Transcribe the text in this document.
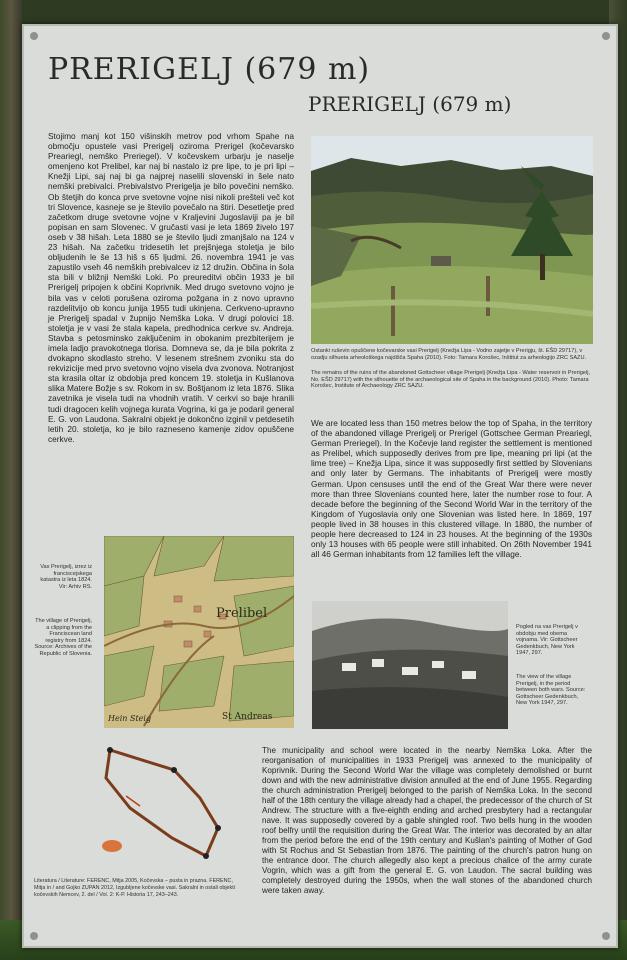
PRERIGELJ (679 m)
PRERIGELJ (679 m)

Stojimo manj kot 150 višinskih metrov pod vrhom Spahe na območju opustele vasi Prerigelj oziroma Prerigel (kočevarsko Preariegl, nemško Preriegel). V kočevskem urbarju je naselje omenjeno kot Prelibel, kar naj bi nastalo iz pre lipe, to je pri lipi – Knežji Lipi, saj naj bi ga najprej naselili slovenski in šele nato nemški prebivalci. Prebivalstvo Prerigelja je bilo povečini nemško. Ob štetjih do konca prve svetovne vojne nisi nikoli prešteli več kot tri Slovence, kasneje se je število povečalo na štiri. Desetletje pred začetkom druge svetovne vojne v Kraljevini Jugoslaviji pa je bil popisan en sam Slovenec. V gručasti vasi je leta 1869 živelo 197 oseb v 38 hišah. Leta 1880 se je število ljudi zmanjšalo na 124 v 23 hišah. Na začetku tridesetih let prejšnjega stoletja je bilo obljudenih le še 13 hiš s 65 ljudmi. 26. novembra 1941 je vas zapustilo vseh 46 nemških prebivalcev iz 12 družin. Občina in šola sta bili v bližnji Nemški Loki. Po preureditvi občin 1933 je bil Prerigelj pripojen k občini Koprivnik. Med drugo svetovno vojno je bila vas v celoti porušena oziroma požgana in z novo upravno razdelitvijo ob koncu junija 1955 tudi ukinjena. Cerkveno-upravno je Prerigelj spadal v župnijo Nemška Loka. V drugi polovici 18. stoletja je v vasi že stala kapela, predhodnica cerkve sv. Andreja. Stavba s petosminsko zaključenim in obokanim prezbiterijem je imela ladjo pravokotnega tlorisa. Domneva se, da je bila pokrita z dvokapno skodlasto streho. V lesenem strešnem zvoniku sta do rekvizicije med prvo svetovno vojno visela dva zvonova. Notranjost sta krasila oltar iz obdobja pred koncem 19. stoletja in Kušlanova slika Matere Božje s sv. Rokom in sv. Boštjanom iz leta 1876. Slika zavetnika je visela tudi na vhodnih vratih. V cerkvi so baje hranili tudi dragocen kelih vojnega kurata Vogrina, ki ga je podaril general E. G. von Laudona. Sakralni objekt je dokončno izginil v petdesetih letih 20. stoletja, ko je bilo razneseno kamenje zidov opuščene cerkve.

Ostanki ruševin opuščene kočevarske vasi Prerigelj (Knežja Lipa - Vodno zajetje v Prerigju, št. EŠD 29717), v ozadju silhueta arheološkega najdišča Spaha (2010). Foto: Tamara Korošec, Inštitut za arheologijo ZRC SAZU.

The remains of the ruins of the abandoned Gottscheer village Prerigelj (Knežja Lipa - Water reservoir in Prerigelj, No. EŠD 29717) with the silhouette of the archaeological site of Spaha in the background (2010). Photo: Tamara Korošec, Institute of Archaeology ZRC SAZU.

We are located less than 150 metres below the top of Spaha, in the territory of the abandoned village Prerigelj or Prerigel (Gottschee German Preariegl, German Preriegel). In the Kočevje land register the settlement is mentioned as Prelibel, which supposedly derives from pre lipe, meaning pri lipi (at the lime tree) – Knežja Lipa, since it was supposedly first settled by Slovenians and only later by Germans. The inhabitants of Prerigelj were mostly German. Upon censuses until the end of the Great War there were never more than three Slovenians counted here, later the number rose to four. A decade before the beginning of the Second World War in the territory of the Kingdom of Yugoslavia only one Slovenian was listed here. In 1869, 197 people lived in 38 houses in this clustered village. In 1880, the number of people here decreased to 124 in 23 houses. At the beginning of the 1930s only 13 houses with 65 people were still inhabited. On 26th November 1941 all 46 German inhabitants from 12 families left the village.

Vas Prerigelj, izrez iz franciscejskega katastra iz leta 1824. Vir: Arhiv RS.

The village of Prerigelj, a clipping from the Franciscean land registry from 1824. Source: Archives of the Republic of Slovenia.

Prelibel
St Andreas
Hein Steig

Pogled na vas Prerigelj v obdobju med obema vojnama. Vir: Gottscheer Gedenkbuch, New York 1947, 297.

The view of the village Prerigelj, in the period between both wars. Source: Gottscheer Gedenkbuch, New York 1947, 297.

The municipality and school were located in the nearby Nemška Loka. After the reorganisation of municipalities in 1933 Prerigelj was annexed to the municipality of Koprivnik. During the Second World War the village was completely demolished or burnt down and with the new administrative division annulled at the end of June 1955. Regarding the church administration Prerigelj belonged to the parish of Nemška Loka. In the second half of the 18th century the village already had a chapel, the predecessor of the church of St Andrew. The structure with a five-eighth ending and arched presbytery had a rectangular nave. It was supposedly covered by a gable shingled roof. Two bells hung in the wooden roof belfry until the requisition during the Great War. The interior was decorated by an altar from the period before the end of the 19th century and Kušlan's painting of Mother of God with St Rochus and St Sebastian from 1876. The painting of the church's patron hung on the entrance door. The church allegedly also kept a precious chalice of the army curate Vogrin, which was a gift from the general E. G. von Laudon. The sacral building was completely destroyed during the 1950s, when the wall stones of the abandoned church were taken away.

Literatura / Literature: FERENC, Mitja 2005, Kočevska – pusta in prazna. FERENC, Mitja in / and Gojko ZUPAN 2012, Izgubljene kočevske vasi. Sakralni in ostali objekti kočevskih Nemcev, 2. del / Vol. 2: K-P. Historia 17, 243–243.
